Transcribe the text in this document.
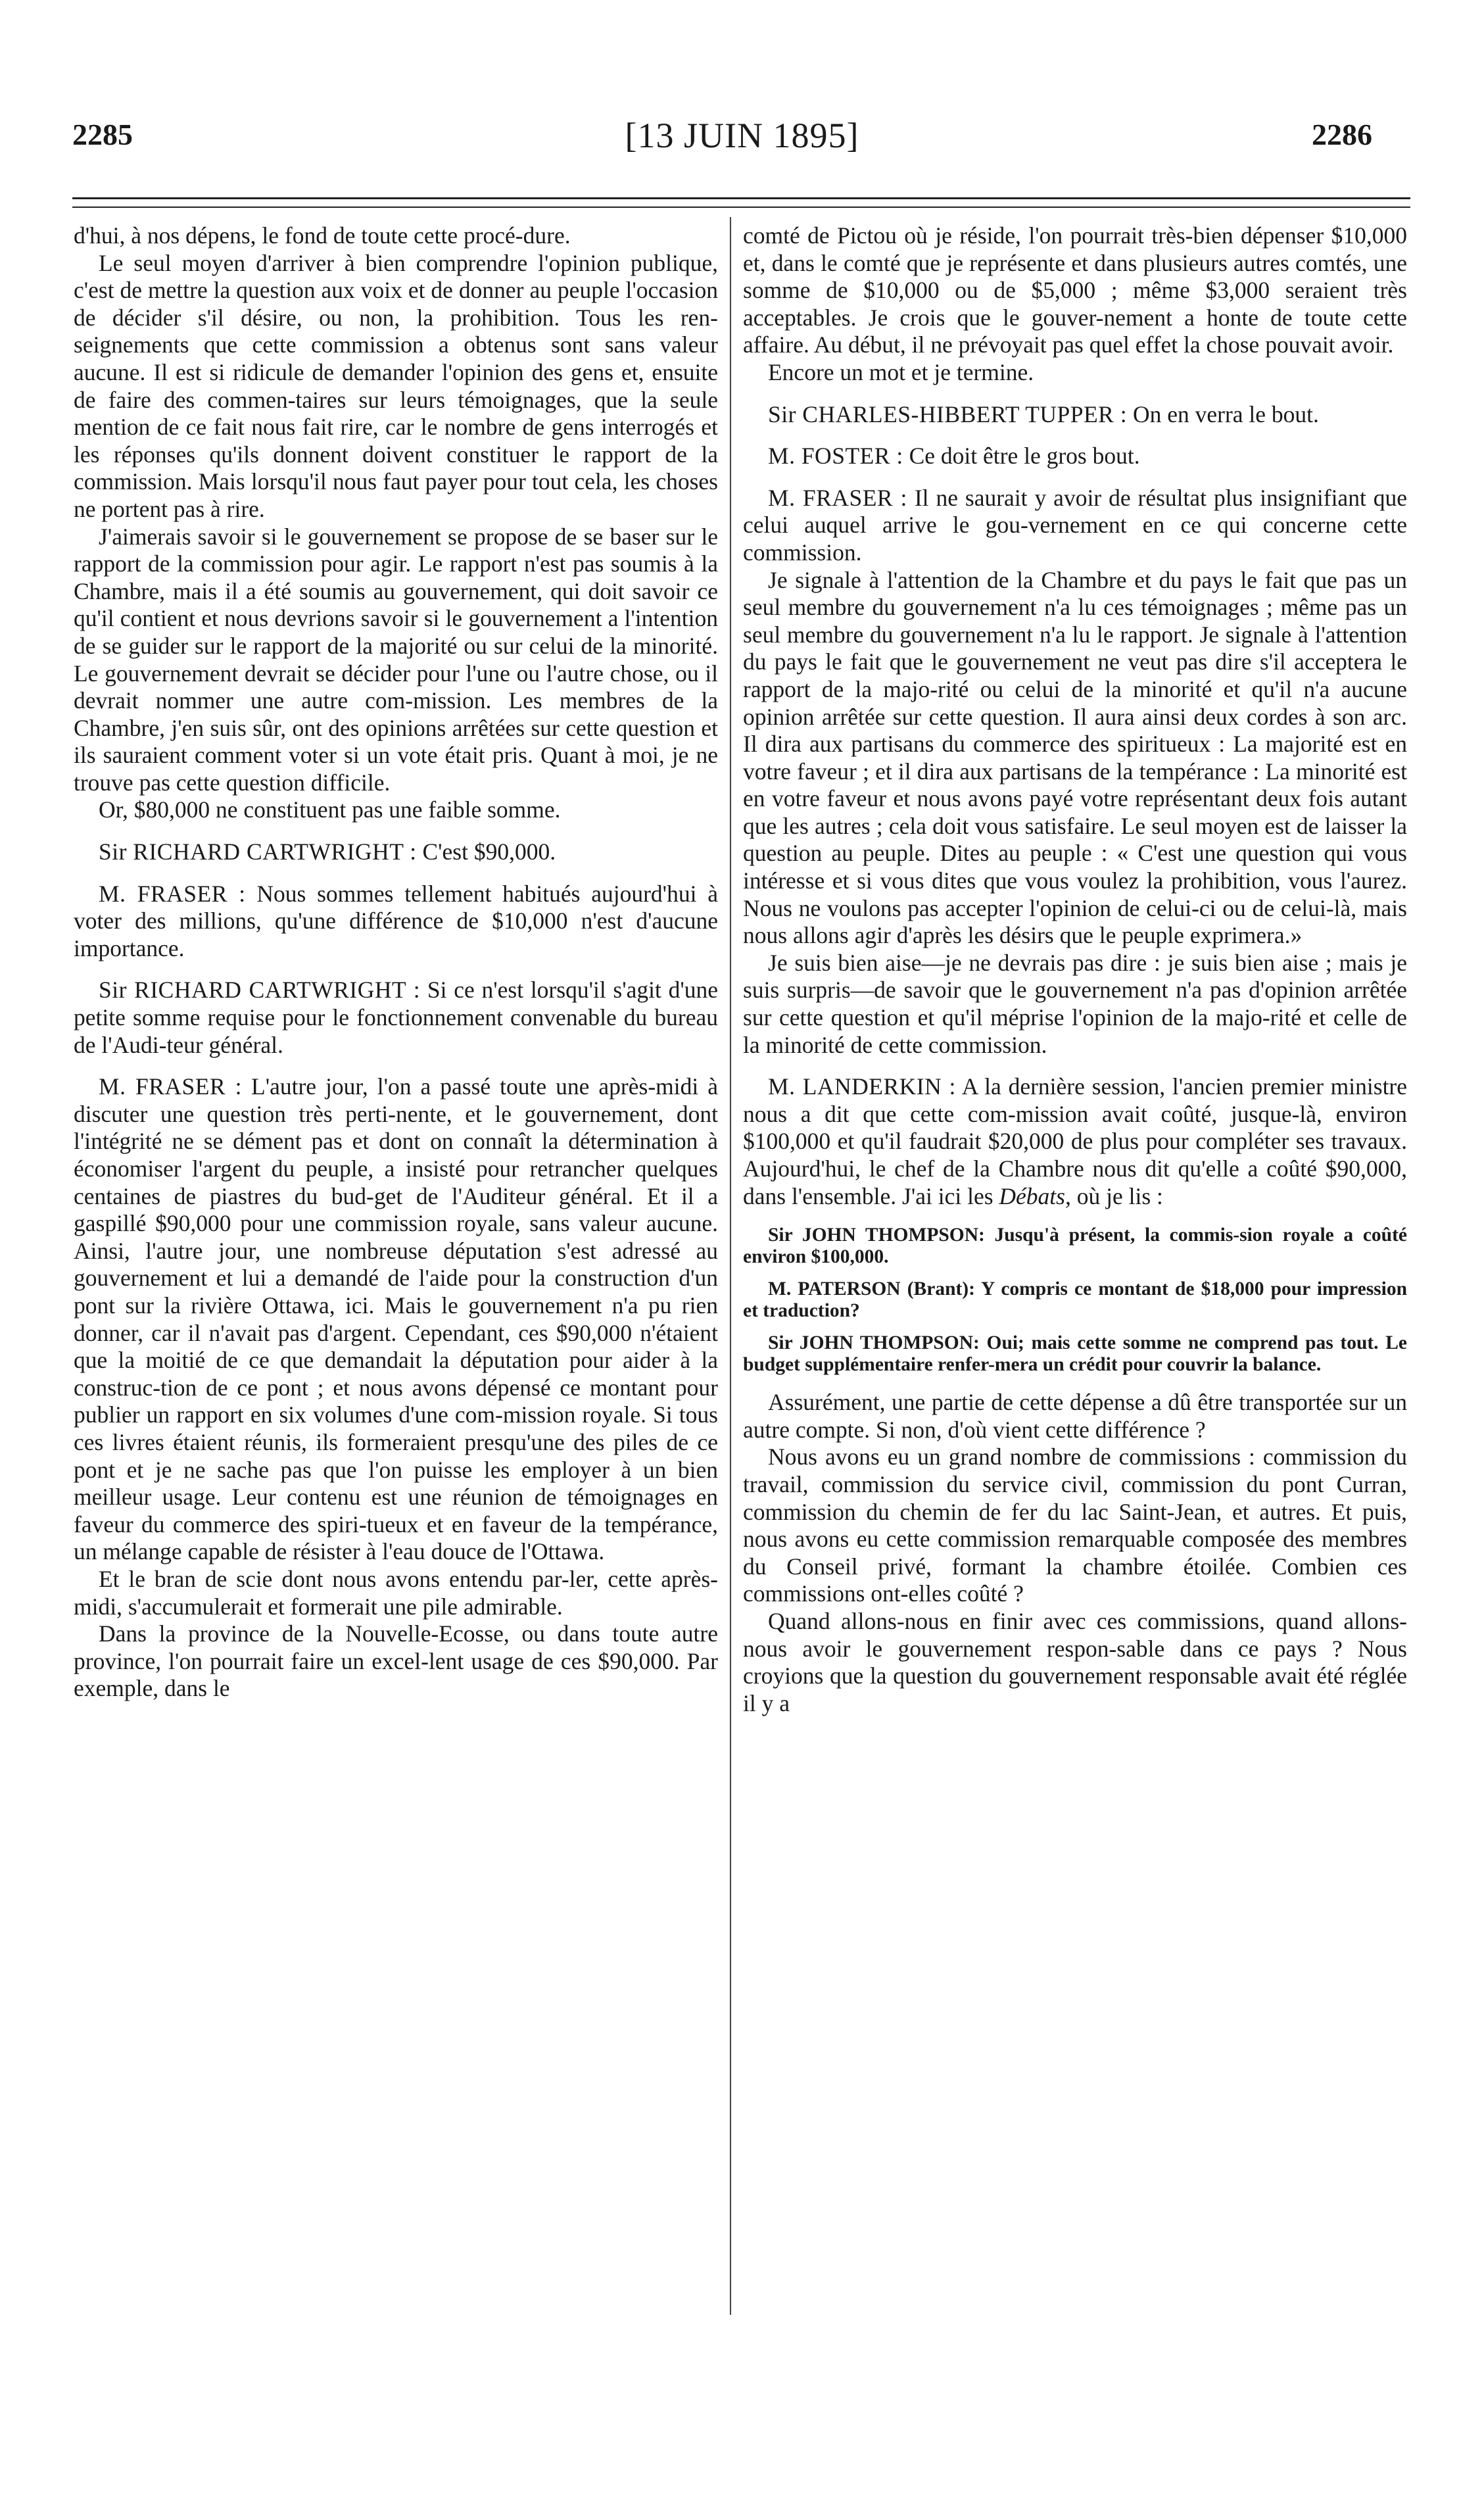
2285	[13 JUIN 1895]	2286

d'hui, à nos dépens, le fond de toute cette procé-dure.

Le seul moyen d'arriver à bien comprendre l'opinion publique, c'est de mettre la question aux voix et de donner au peuple l'occasion de décider s'il désire, ou non, la prohibition. Tous les ren-seignements que cette commission a obtenus sont sans valeur aucune. Il est si ridicule de demander l'opinion des gens et, ensuite de faire des commen-taires sur leurs témoignages, que la seule mention de ce fait nous fait rire, car le nombre de gens interrogés et les réponses qu'ils donnent doivent constituer le rapport de la commission. Mais lorsqu'il nous faut payer pour tout cela, les choses ne portent pas à rire.

J'aimerais savoir si le gouvernement se propose de se baser sur le rapport de la commission pour agir. Le rapport n'est pas soumis à la Chambre, mais il a été soumis au gouvernement, qui doit savoir ce qu'il contient et nous devrions savoir si le gouvernement a l'intention de se guider sur le rapport de la majorité ou sur celui de la minorité. Le gouvernement devrait se décider pour l'une ou l'autre chose, ou il devrait nommer une autre com-mission. Les membres de la Chambre, j'en suis sûr, ont des opinions arrêtées sur cette question et ils sauraient comment voter si un vote était pris. Quant à moi, je ne trouve pas cette question difficile.

Or, $80,000 ne constituent pas une faible somme.

Sir RICHARD CARTWRIGHT : C'est $90,000.

M. FRASER : Nous sommes tellement habitués aujourd'hui à voter des millions, qu'une différence de $10,000 n'est d'aucune importance.

Sir RICHARD CARTWRIGHT : Si ce n'est lorsqu'il s'agit d'une petite somme requise pour le fonctionnement convenable du bureau de l'Audi-teur général.

M. FRASER : L'autre jour, l'on a passé toute une après-midi à discuter une question très perti-nente, et le gouvernement, dont l'intégrité ne se dément pas et dont on connaît la détermination à économiser l'argent du peuple, a insisté pour retrancher quelques centaines de piastres du bud-get de l'Auditeur général. Et il a gaspillé $90,000 pour une commission royale, sans valeur aucune. Ainsi, l'autre jour, une nombreuse députation s'est adressé au gouvernement et lui a demandé de l'aide pour la construction d'un pont sur la rivière Ottawa, ici. Mais le gouvernement n'a pu rien donner, car il n'avait pas d'argent. Cependant, ces $90,000 n'étaient que la moitié de ce que demandait la députation pour aider à la construc-tion de ce pont ; et nous avons dépensé ce montant pour publier un rapport en six volumes d'une com-mission royale. Si tous ces livres étaient réunis, ils formeraient presqu'une des piles de ce pont et je ne sache pas que l'on puisse les employer à un bien meilleur usage. Leur contenu est une réunion de témoignages en faveur du commerce des spiri-tueux et en faveur de la tempérance, un mélange capable de résister à l'eau douce de l'Ottawa.

Et le bran de scie dont nous avons entendu par-ler, cette après-midi, s'accumulerait et formerait une pile admirable.

Dans la province de la Nouvelle-Ecosse, ou dans toute autre province, l'on pourrait faire un excel-lent usage de ces $90,000. Par exemple, dans le

comté de Pictou où je réside, l'on pourrait très-bien dépenser $10,000 et, dans le comté que je représente et dans plusieurs autres comtés, une somme de $10,000 ou de $5,000 ; même $3,000 seraient très acceptables. Je crois que le gouver-nement a honte de toute cette affaire. Au début, il ne prévoyait pas quel effet la chose pouvait avoir.

Encore un mot et je termine.

Sir CHARLES-HIBBERT TUPPER : On en verra le bout.

M. FOSTER : Ce doit être le gros bout.

M. FRASER : Il ne saurait y avoir de résultat plus insignifiant que celui auquel arrive le gou-vernement en ce qui concerne cette commission.

Je signale à l'attention de la Chambre et du pays le fait que pas un seul membre du gouvernement n'a lu ces témoignages ; même pas un seul membre du gouvernement n'a lu le rapport. Je signale à l'attention du pays le fait que le gouvernement ne veut pas dire s'il acceptera le rapport de la majo-rité ou celui de la minorité et qu'il n'a aucune opinion arrêtée sur cette question. Il aura ainsi deux cordes à son arc. Il dira aux partisans du commerce des spiritueux : La majorité est en votre faveur ; et il dira aux partisans de la tempérance : La minorité est en votre faveur et nous avons payé votre représentant deux fois autant que les autres ; cela doit vous satisfaire. Le seul moyen est de laisser la question au peuple. Dites au peuple : « C'est une question qui vous intéresse et si vous dites que vous voulez la prohibition, vous l'aurez. Nous ne voulons pas accepter l'opinion de celui-ci ou de celui-là, mais nous allons agir d'après les désirs que le peuple exprimera.»

Je suis bien aise—je ne devrais pas dire : je suis bien aise ; mais je suis surpris—de savoir que le gouvernement n'a pas d'opinion arrêtée sur cette question et qu'il méprise l'opinion de la majo-rité et celle de la minorité de cette commission.

M. LANDERKIN : A la dernière session, l'ancien premier ministre nous a dit que cette com-mission avait coûté, jusque-là, environ $100,000 et qu'il faudrait $20,000 de plus pour compléter ses travaux. Aujourd'hui, le chef de la Chambre nous dit qu'elle a coûté $90,000, dans l'ensemble. J'ai ici les Débats, où je lis :

Sir JOHN THOMPSON: Jusqu'à présent, la commis-sion royale a coûté environ $100,000.

M. PATERSON (Brant): Y compris ce montant de $18,000 pour impression et traduction?

Sir JOHN THOMPSON: Oui; mais cette somme ne comprend pas tout. Le budget supplémentaire renfer-mera un crédit pour couvrir la balance.

Assurément, une partie de cette dépense a dû être transportée sur un autre compte. Si non, d'où vient cette différence ?

Nous avons eu un grand nombre de commissions : commission du travail, commission du service civil, commission du pont Curran, commission du chemin de fer du lac Saint-Jean, et autres. Et puis, nous avons eu cette commission remarquable composée des membres du Conseil privé, formant la chambre étoilée. Combien ces commissions ont-elles coûté ?

Quand allons-nous en finir avec ces commissions, quand allons-nous avoir le gouvernement respon-sable dans ce pays ? Nous croyions que la question du gouvernement responsable avait été réglée il y a
